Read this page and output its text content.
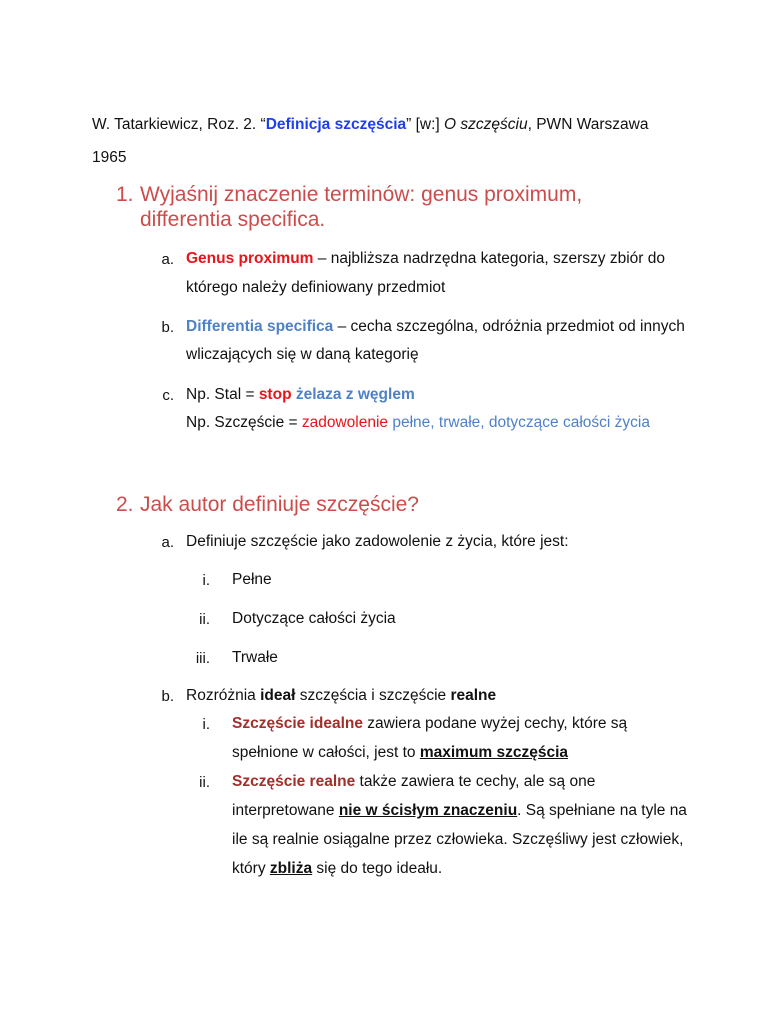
W. Tatarkiewicz, Roz. 2. “Definicja szczęścia” [w:] O szczęściu, PWN Warszawa
1965
1. Wyjaśnij znaczenie terminów: genus proximum,
differentia specifica.
a. Genus proximum – najbliższa nadrzędna kategoria, szerszy zbiór do
którego należy definiowany przedmiot
b. Differentia specifica – cecha szczególna, odróżnia przedmiot od innych
wliczających się w daną kategorię
c. Np. Stal = stop żelaza z węglem
Np. Szczęście = zadowolenie pełne, trwałe, dotyczące całości życia
2. Jak autor definiuje szczęście?
a. Definiuje szczęście jako zadowolenie z życia, które jest:
i. Pełne
ii. Dotyczące całości życia
iii. Trwałe
b. Rozróżnia ideał szczęścia i szczęście realne
i. Szczęście idealne zawiera podane wyżej cechy, które są
spełnione w całości, jest to maximum szczęścia
ii. Szczęście realne także zawiera te cechy, ale są one
interpretowane nie w ścisłym znaczeniu. Są spełniane na tyle na
ile są realnie osiągalne przez człowieka. Szczęśliwy jest człowiek,
który zbliża się do tego ideału.
